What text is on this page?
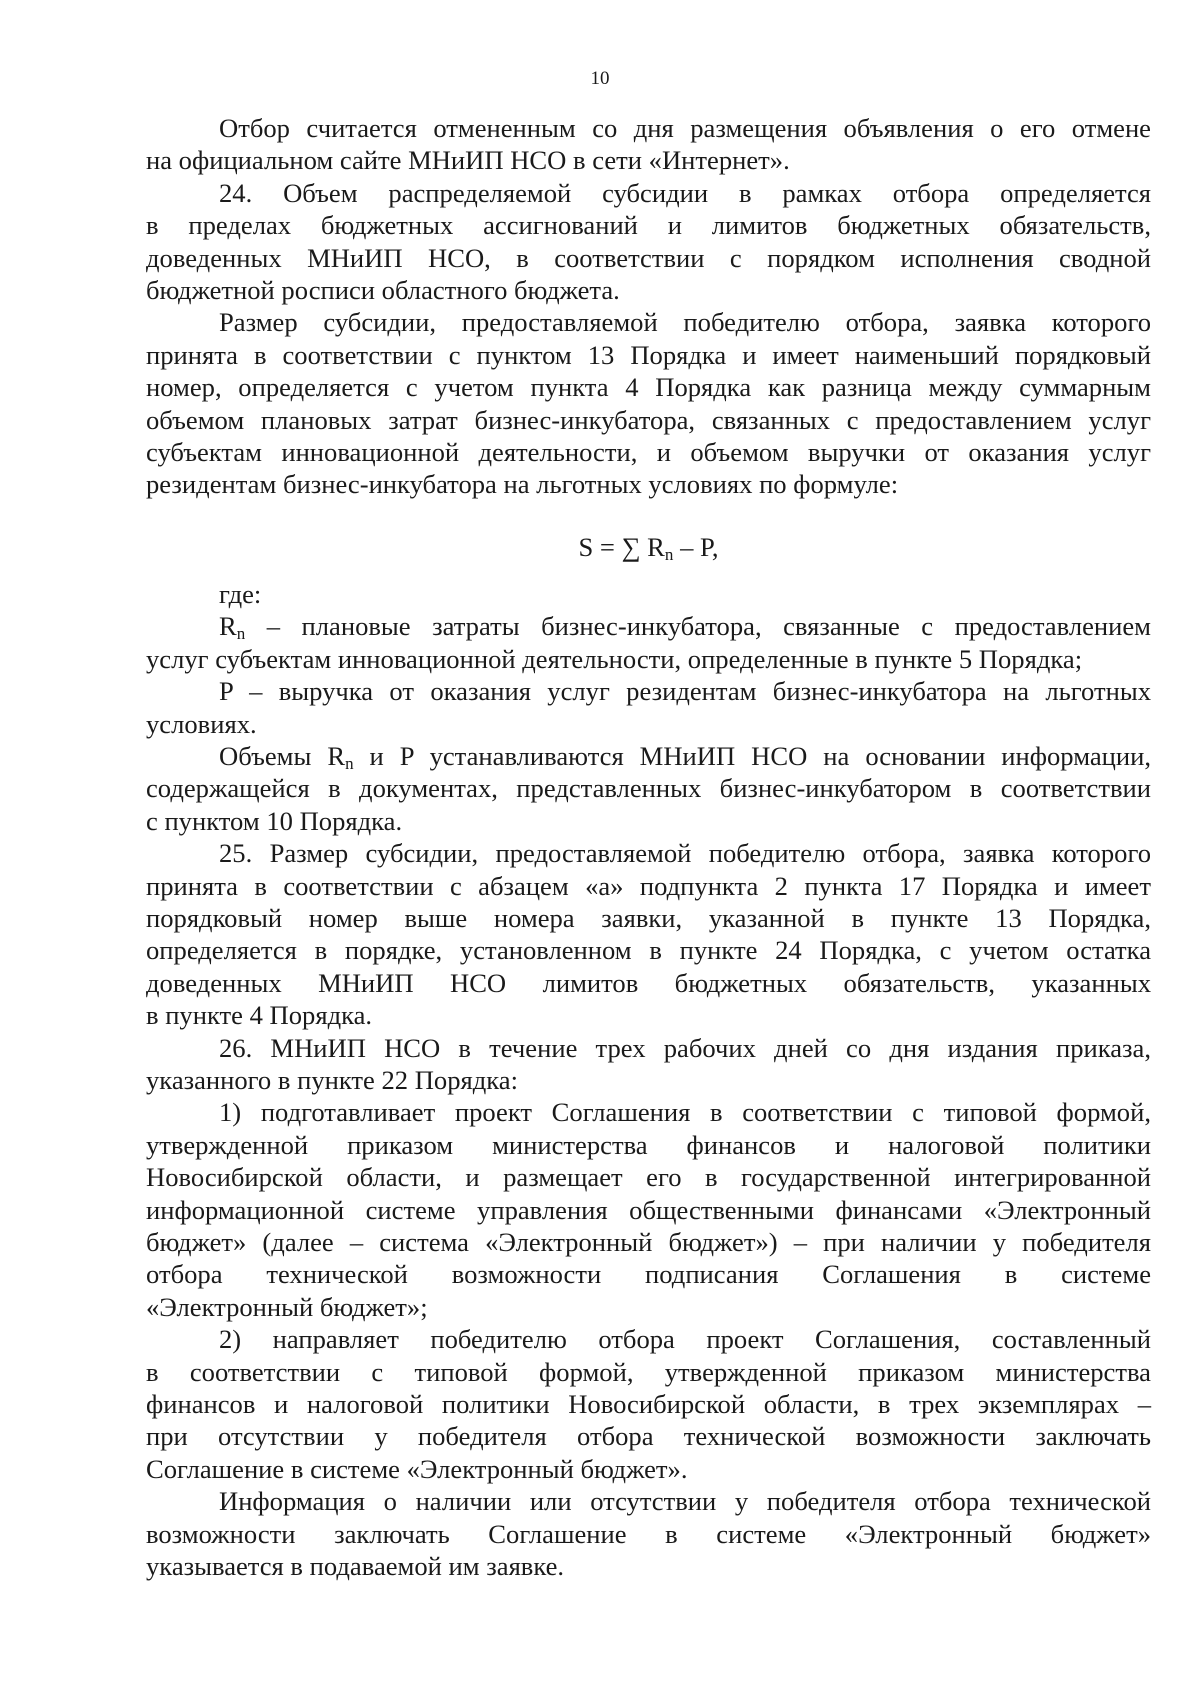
10

Отбор считается отмененным со дня размещения объявления о его отмене

на официальном сайте МНиИП НСО в сети «Интернет».

24. Объем распределяемой субсидии в рамках отбора определяется

в пределах бюджетных ассигнований и лимитов бюджетных обязательств,

доведенных МНиИП НСО, в соответствии с порядком исполнения сводной

бюджетной росписи областного бюджета.

Размер субсидии, предоставляемой победителю отбора, заявка которого

принята в соответствии с пунктом 13 Порядка и имеет наименьший порядковый

номер, определяется с учетом пункта 4 Порядка как разница между суммарным

объемом плановых затрат бизнес-инкубатора, связанных с предоставлением услуг

субъектам инновационной деятельности, и объемом выручки от оказания услуг

резидентам бизнес-инкубатора на льготных условиях по формуле:

S = ∑ $R_n$ – P,

где:

$R_n$ – плановые затраты бизнес-инкубатора, связанные с предоставлением

услуг субъектам инновационной деятельности, определенные в пункте 5 Порядка;

P – выручка от оказания услуг резидентам бизнес-инкубатора на льготных

условиях.

Объемы $R_n$ и P устанавливаются МНиИП НСО на основании информации,

содержащейся в документах, представленных бизнес-инкубатором в соответствии

с пунктом 10 Порядка.

25. Размер субсидии, предоставляемой победителю отбора, заявка которого

принята в соответствии с абзацем «а» подпункта 2 пункта 17 Порядка и имеет

порядковый номер выше номера заявки, указанной в пункте 13 Порядка,

определяется в порядке, установленном в пункте 24 Порядка, с учетом остатка

доведенных МНиИП НСО лимитов бюджетных обязательств, указанных

в пункте 4 Порядка.

26. МНиИП НСО в течение трех рабочих дней со дня издания приказа,

указанного в пункте 22 Порядка:

1) подготавливает проект Соглашения в соответствии с типовой формой,

утвержденной приказом министерства финансов и налоговой политики

Новосибирской области, и размещает его в государственной интегрированной

информационной системе управления общественными финансами «Электронный

бюджет» (далее – система «Электронный бюджет») – при наличии у победителя

отбора технической возможности подписания Соглашения в системе

«Электронный бюджет»;

2) направляет победителю отбора проект Соглашения, составленный

в соответствии с типовой формой, утвержденной приказом министерства

финансов и налоговой политики Новосибирской области, в трех экземплярах –

при отсутствии у победителя отбора технической возможности заключать

Соглашение в системе «Электронный бюджет».

Информация о наличии или отсутствии у победителя отбора технической

возможности заключать Соглашение в системе «Электронный бюджет»

указывается в подаваемой им заявке.
